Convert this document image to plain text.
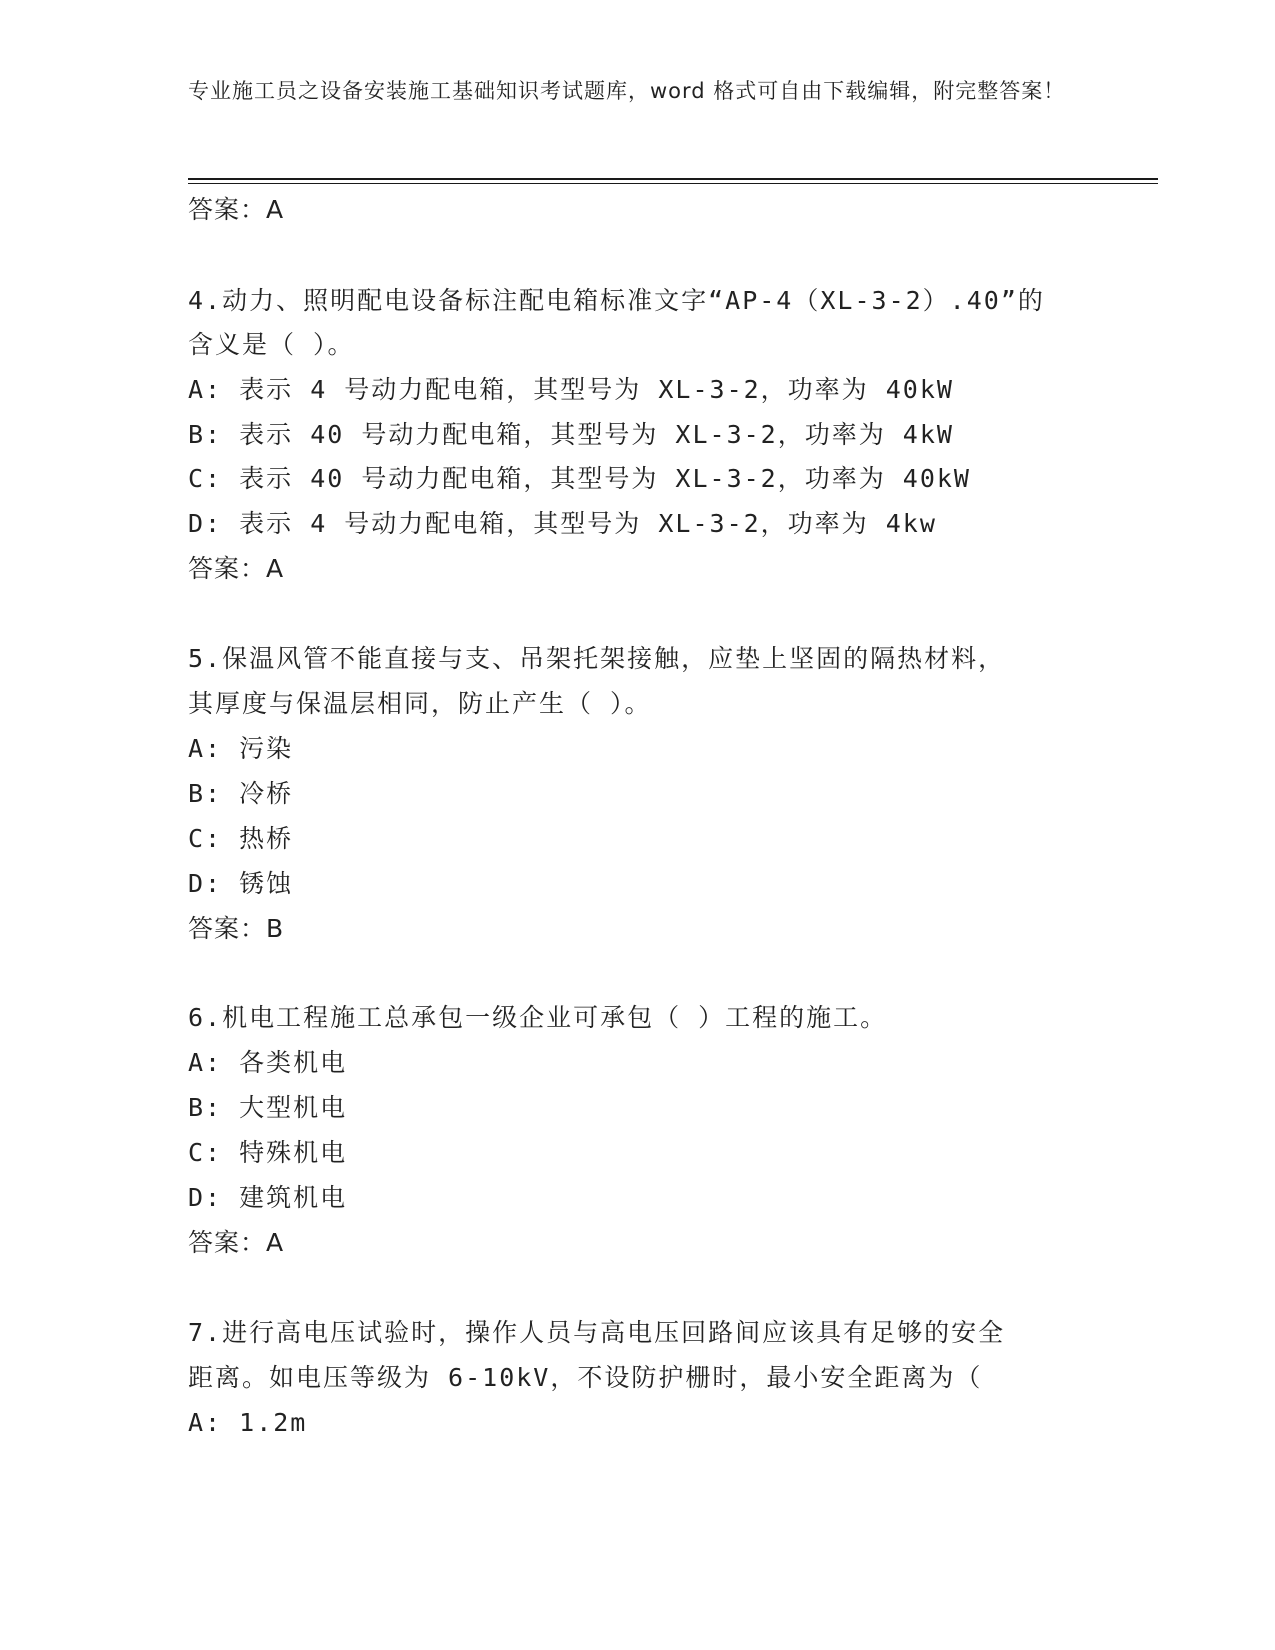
专业施工员之设备安装施工基础知识考试题库，word 格式可自由下载编辑，附完整答案！
答案：A
4.动力、照明配电设备标注配电箱标准文字“AP-4（XL-3-2）.40”的
含义是（ ）。
A: 表示 4 号动力配电箱，其型号为 XL-3-2，功率为 40kW
B: 表示 40 号动力配电箱，其型号为 XL-3-2，功率为 4kW
C: 表示 40 号动力配电箱，其型号为 XL-3-2，功率为 40kW
D: 表示 4 号动力配电箱，其型号为 XL-3-2，功率为 4kw
答案：A
5.保温风管不能直接与支、吊架托架接触，应垫上坚固的隔热材料，
其厚度与保温层相同，防止产生（ ）。
A: 污染
B: 冷桥
C: 热桥
D: 锈蚀
答案：B
6.机电工程施工总承包一级企业可承包（ ）工程的施工。
A: 各类机电
B: 大型机电
C: 特殊机电
D: 建筑机电
答案：A
7.进行高电压试验时，操作人员与高电压回路间应该具有足够的安全
距离。如电压等级为 6-10kV，不设防护栅时，最小安全距离为（
A: 1.2m
